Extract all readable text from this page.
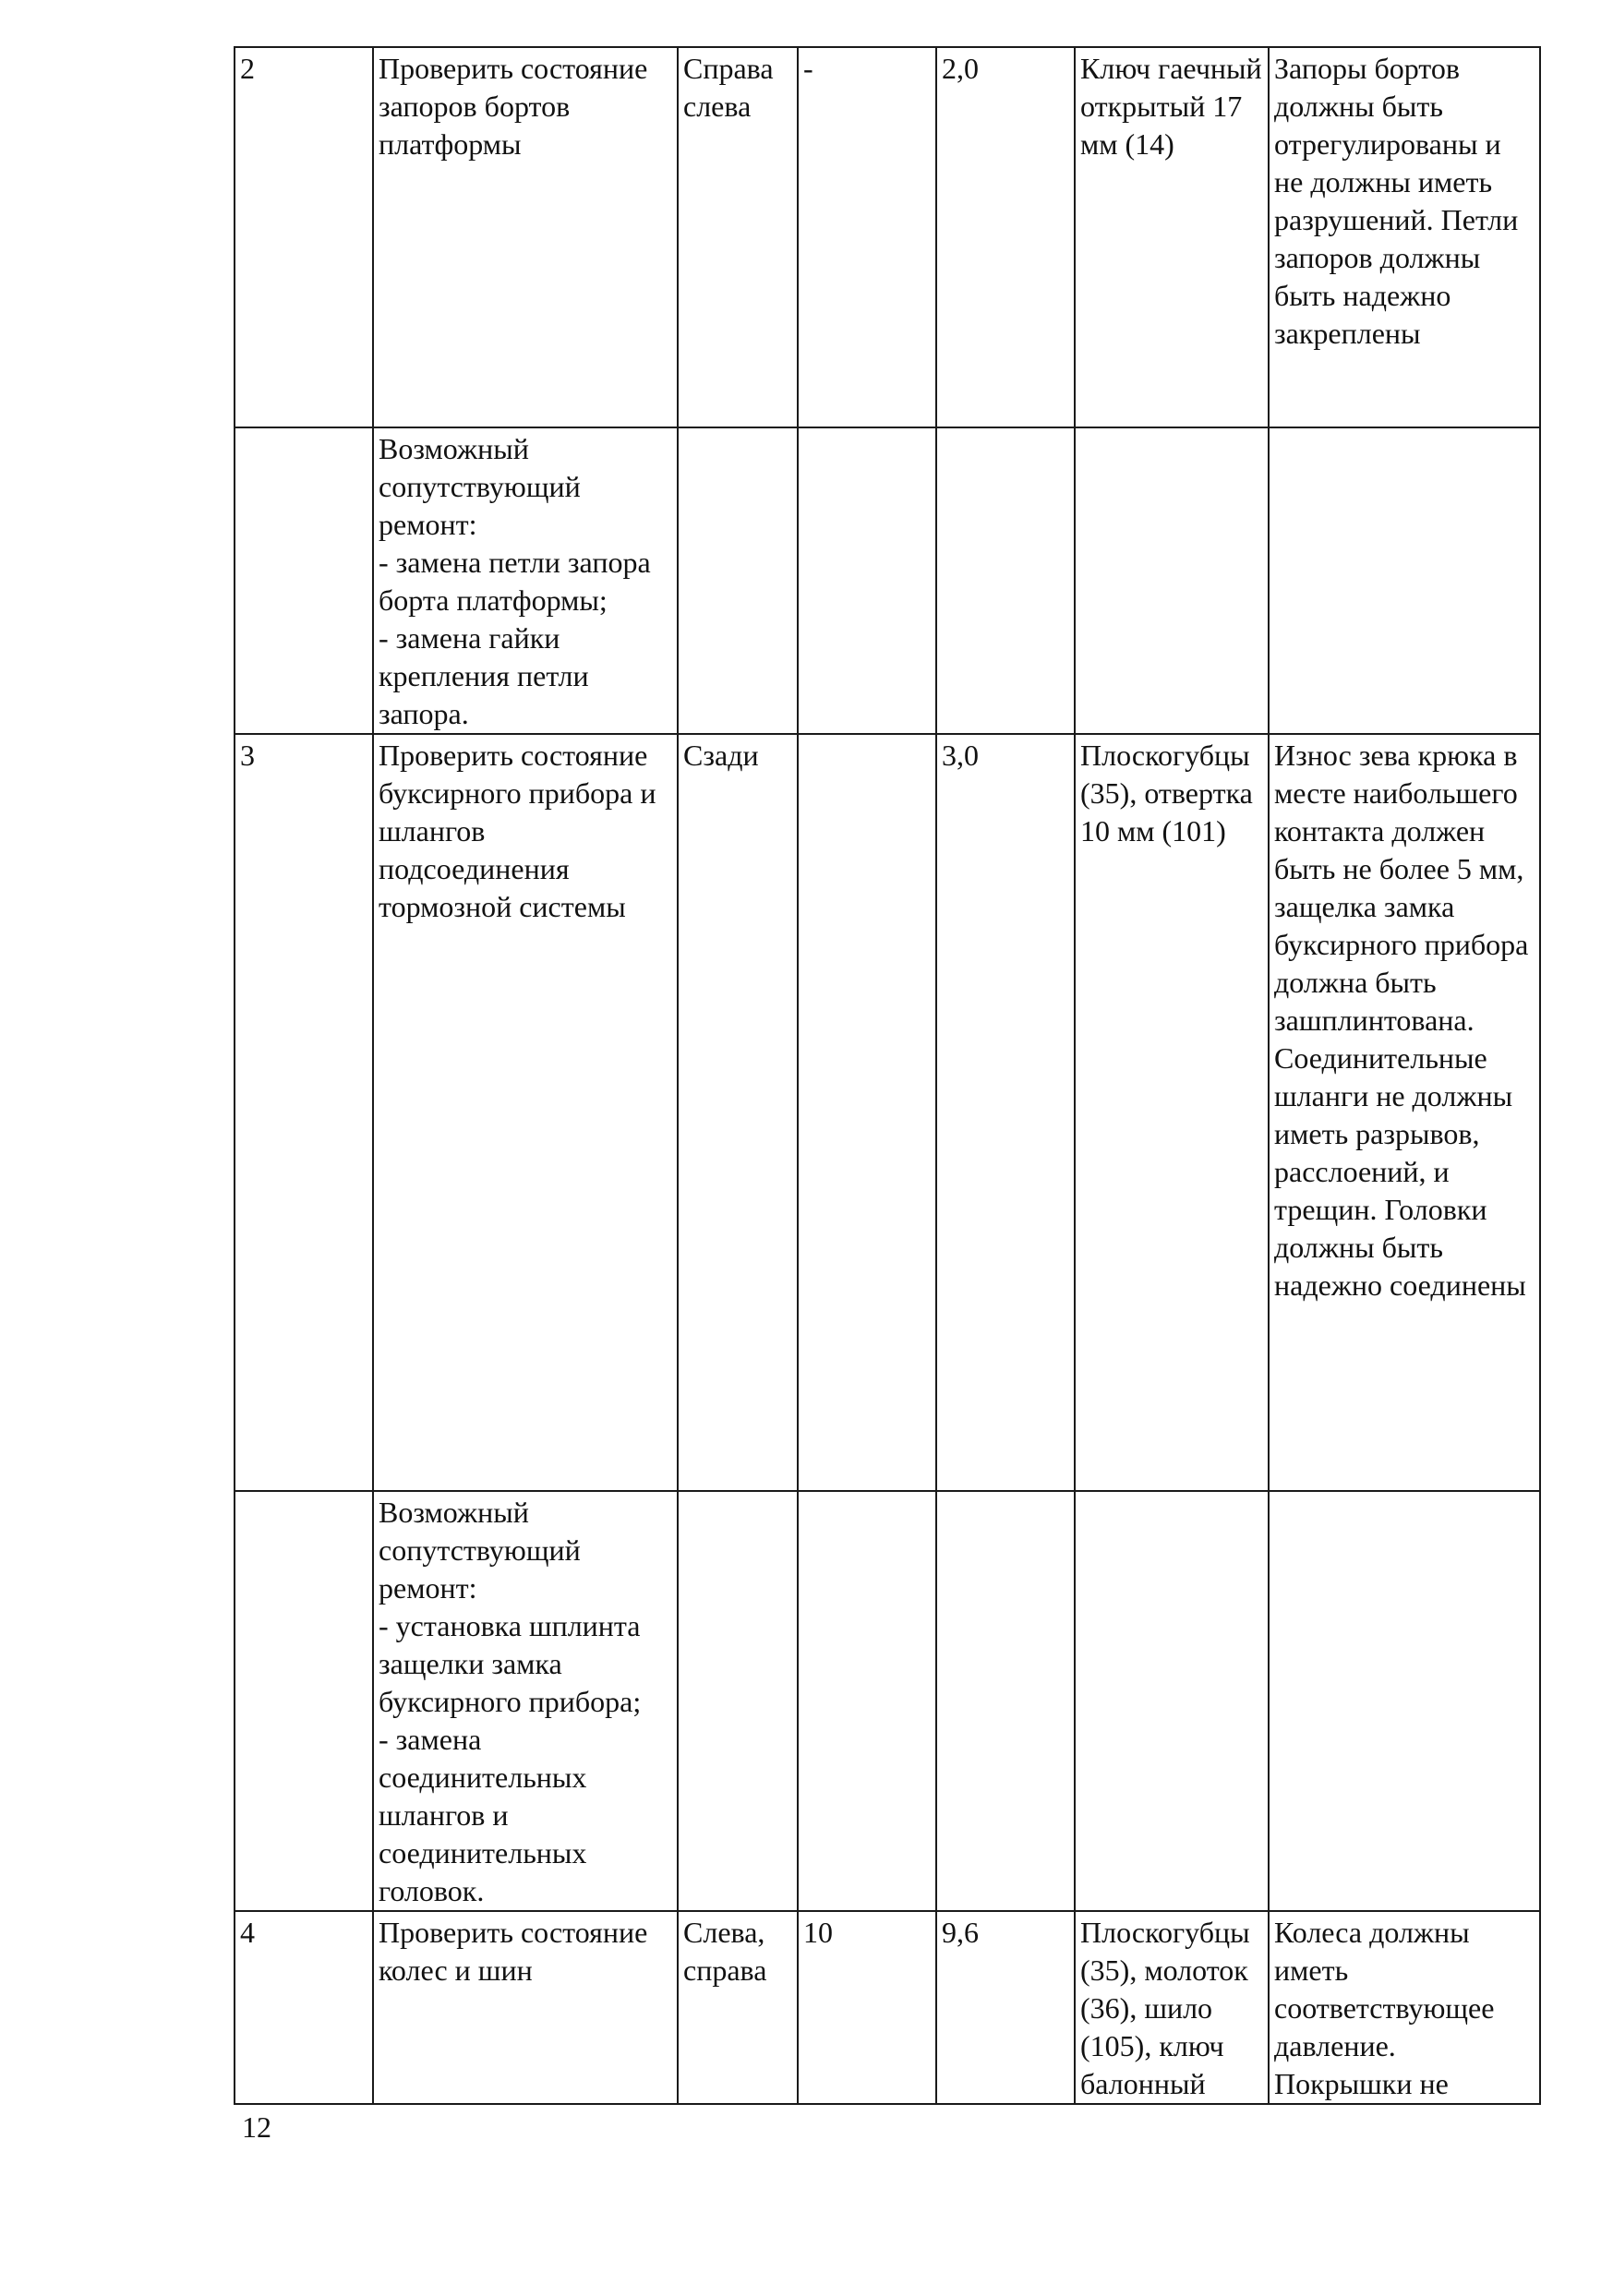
2	Проверить состояние запоров бортов платформы	Справа слева	-	2,0	Ключ гаечный открытый 17 мм (14)	Запоры бортов должны быть отрегулированы и не должны иметь разрушений. Петли запоров должны быть надежно закреплены

	Возможный сопутствующий ремонт:
- замена петли запора борта платформы;
- замена гайки крепления петли запора.					

3	Проверить состояние буксирного прибора и шлангов подсоединения тормозной системы	Сзади		3,0	Плоскогубцы (35), отвертка 10 мм (101)	Износ зева крюка в месте наибольшего контакта должен быть не более 5 мм, защелка замка буксирного прибора должна быть зашплинтована. Соединительные шланги не должны иметь разрывов, расслоений, и трещин. Головки должны быть надежно соединены

	Возможный сопутствующий ремонт:
- установка шплинта защелки замка буксирного прибора;
- замена соединительных шлангов и соединительных головок.					

4	Проверить состояние колес и шин	Слева, справа	10	9,6	Плоскогубцы (35), молоток (36), шило (105), ключ балонный	Колеса должны иметь соответствующее давление. Покрышки не
12
